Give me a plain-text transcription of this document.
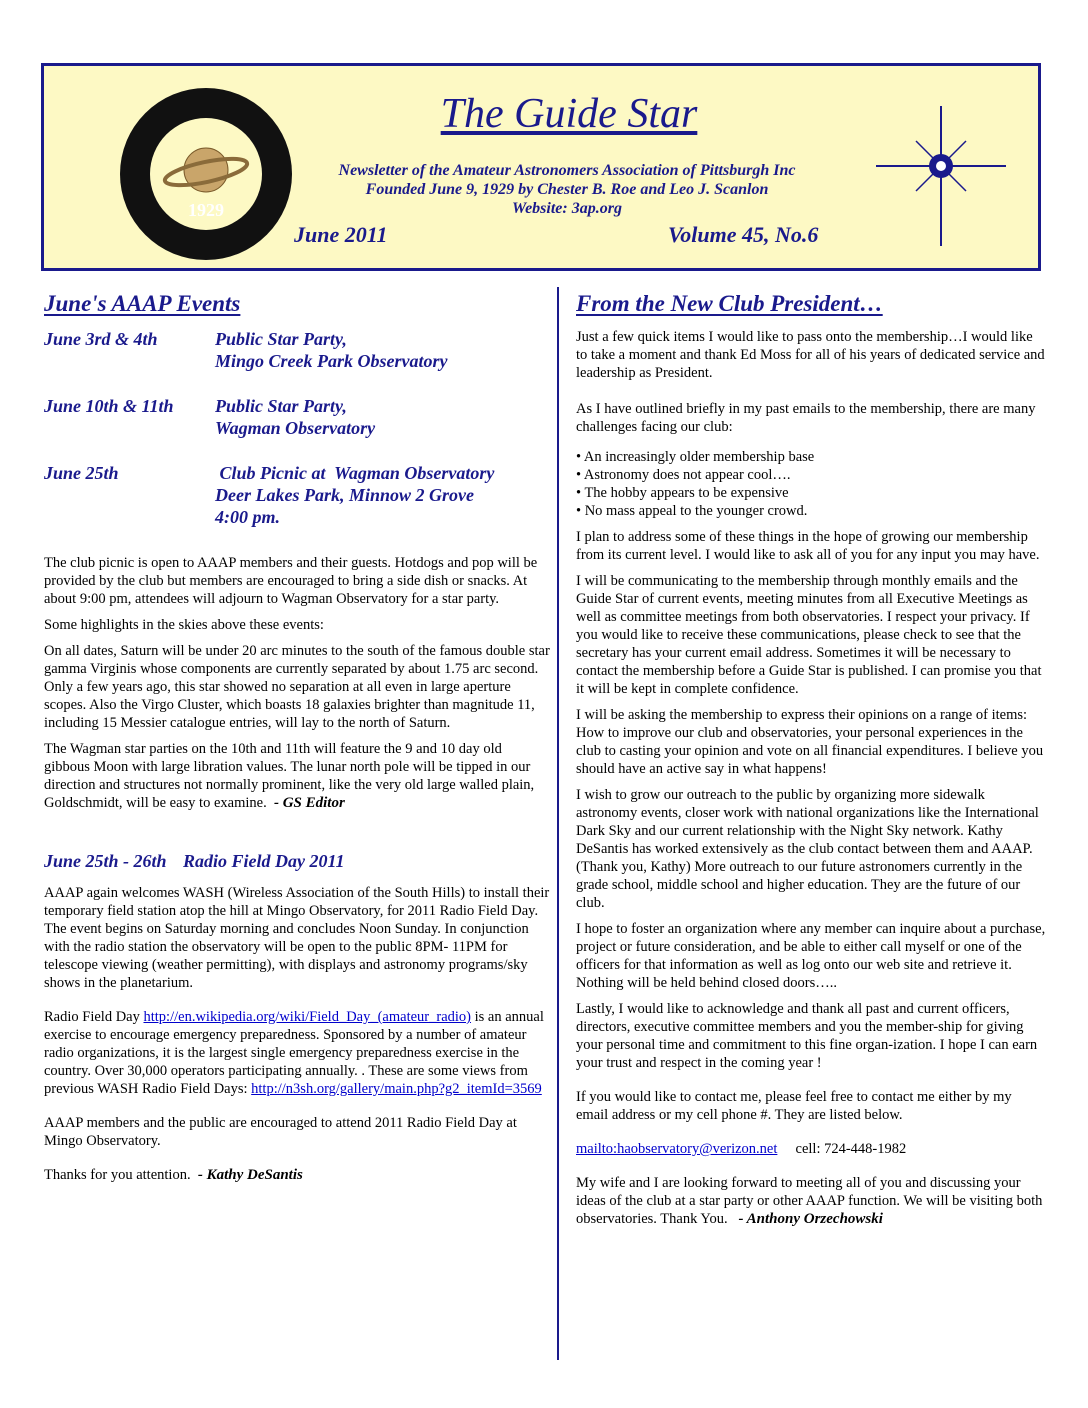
1929
The Guide Star
Newsletter of the Amateur Astronomers Association of Pittsburgh Inc
Founded June 9, 1929 by Chester B. Roe and Leo J. Scanlon
Website: 3ap.org
June 2011	Volume 45, No.6
June's AAAP Events
June 3rd & 4th	Public Star Party,
Mingo Creek Park Observatory
June 10th & 11th	Public Star Party,
Wagman Observatory
June 25th	Club Picnic at  Wagman Observatory
Deer Lakes Park, Minnow 2 Grove
4:00 pm.

The club picnic is open to AAAP members and their guests. Hotdogs and pop will be provided by the club but members are encouraged to bring a side dish or snacks. At about 9:00 pm, attendees will adjourn to Wagman Observatory for a star party.

Some highlights in the skies above these events:

On all dates, Saturn will be under 20 arc minutes to the south of the famous double star gamma Virginis whose components are currently separated by about 1.75 arc second. Only a few years ago, this star showed no separation at all even in large aperture scopes. Also the Virgo Cluster, which boasts 18 galaxies brighter than magnitude 11, including 15 Messier catalogue entries, will lay to the north of Saturn.

The Wagman star parties on the 10th and 11th will feature the 9 and 10 day old gibbous Moon with large libration values. The lunar north pole will be tipped in our direction and structures not normally prominent, like the very old large walled plain, Goldschmidt, will be easy to examine. - GS Editor

June 25th - 26th Radio Field Day 2011

AAAP again welcomes WASH (Wireless Association of the South Hills) to install their temporary field station atop the hill at Mingo Observatory, for 2011 Radio Field Day. The event begins on Saturday morning and concludes Noon Sunday. In conjunction with the radio station the observatory will be open to the public 8PM- 11PM for telescope viewing (weather permitting), with displays and astronomy programs/sky shows in the planetarium.

Radio Field Day http://en.wikipedia.org/wiki/Field_Day_(amateur_radio) is an annual exercise to encourage emergency preparedness. Sponsored by a number of amateur radio organizations, it is the largest single emergency preparedness exercise in the country. Over 30,000 operators participating annually. . These are some views from previous WASH Radio Field Days: http://n3sh.org/gallery/main.php?g2_itemId=3569

AAAP members and the public are encouraged to attend 2011 Radio Field Day at Mingo Observatory.

Thanks for you attention. - Kathy DeSantis

From the New Club President…

Just a few quick items I would like to pass onto the membership…I would like to take a moment and thank Ed Moss for all of his years of dedicated service and leadership as President.

As I have outlined briefly in my past emails to the membership, there are many challenges facing our club:

• An increasingly older membership base
• Astronomy does not appear cool….
• The hobby appears to be expensive
• No mass appeal to the younger crowd.

I plan to address some of these things in the hope of growing our membership from its current level. I would like to ask all of you for any input you may have.

I will be communicating to the membership through monthly emails and the Guide Star of current events, meeting minutes from all Executive Meetings as well as committee meetings from both observatories. I respect your privacy. If you would like to receive these communications, please check to see that the secretary has your current email address. Sometimes it will be necessary to contact the membership before a Guide Star is published. I can promise you that it will be kept in complete confidence.

I will be asking the membership to express their opinions on a range of items: How to improve our club and observatories, your personal experiences in the club to casting your opinion and vote on all financial expenditures. I believe you should have an active say in what happens!

I wish to grow our outreach to the public by organizing more sidewalk astronomy events, closer work with national organizations like the International Dark Sky and our current relationship with the Night Sky network. Kathy DeSantis has worked extensively as the club contact between them and AAAP. (Thank you, Kathy) More outreach to our future astronomers currently in the grade school, middle school and higher education. They are the future of our club.

I hope to foster an organization where any member can inquire about a purchase, project or future consideration, and be able to either call myself or one of the officers for that information as well as log onto our web site and retrieve it. Nothing will be held behind closed doors…..

Lastly, I would like to acknowledge and thank all past and current officers, directors, executive committee members and you the member-ship for giving your personal time and commitment to this fine organ-ization. I hope I can earn your trust and respect in the coming year !

If you would like to contact me, please feel free to contact me either by my email address or my cell phone #. They are listed below.

mailto:haobservatory@verizon.net cell: 724-448-1982

My wife and I are looking forward to meeting all of you and discussing your ideas of the club at a star party or other AAAP function. We will be visiting both observatories. Thank You. - Anthony Orzechowski
